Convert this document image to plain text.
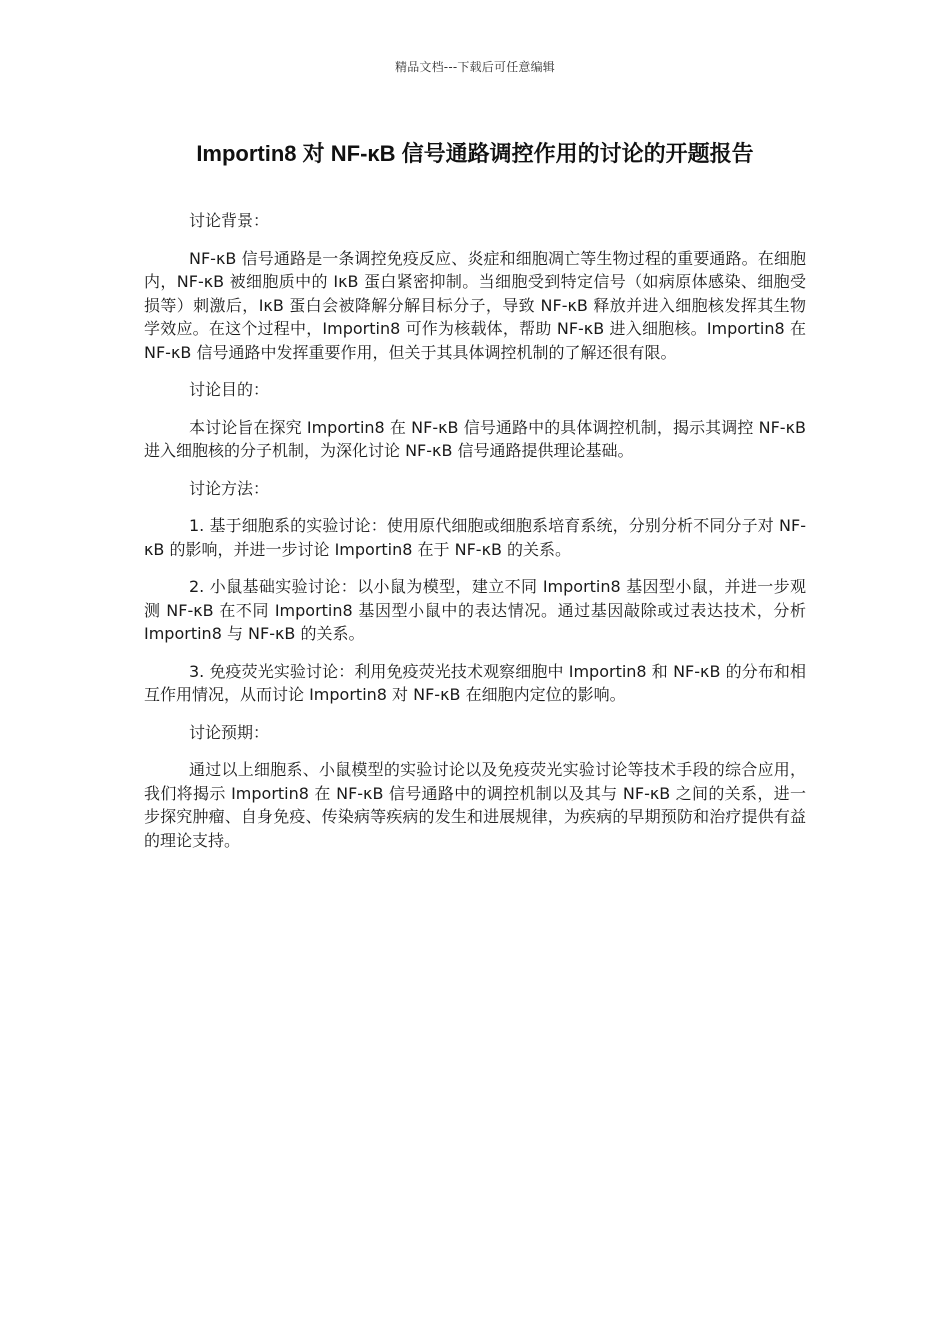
精品文档---下载后可任意编辑
Importin8 对 NF-κB 信号通路调控作用的讨论的开题报告

讨论背景：

NF-κB 信号通路是一条调控免疫反应、炎症和细胞凋亡等生物过程的重要通路。在细胞内，NF-κB 被细胞质中的 IκB 蛋白紧密抑制。当细胞受到特定信号（如病原体感染、细胞受损等）刺激后，IκB 蛋白会被降解分解目标分子，导致 NF-κB 释放并进入细胞核发挥其生物学效应。在这个过程中，Importin8 可作为核载体，帮助 NF-κB 进入细胞核。Importin8 在 NF-κB 信号通路中发挥重要作用，但关于其具体调控机制的了解还很有限。

讨论目的：

本讨论旨在探究 Importin8 在 NF-κB 信号通路中的具体调控机制，揭示其调控 NF-κB 进入细胞核的分子机制，为深化讨论 NF-κB 信号通路提供理论基础。

讨论方法：

1. 基于细胞系的实验讨论：使用原代细胞或细胞系培育系统，分别分析不同分子对 NF-κB 的影响，并进一步讨论 Importin8 在于 NF-κB 的关系。

2. 小鼠基础实验讨论：以小鼠为模型，建立不同 Importin8 基因型小鼠，并进一步观测 NF-κB 在不同 Importin8 基因型小鼠中的表达情况。通过基因敲除或过表达技术，分析 Importin8 与 NF-κB 的关系。

3. 免疫荧光实验讨论：利用免疫荧光技术观察细胞中 Importin8 和 NF-κB 的分布和相互作用情况，从而讨论 Importin8 对 NF-κB 在细胞内定位的影响。

讨论预期：

通过以上细胞系、小鼠模型的实验讨论以及免疫荧光实验讨论等技术手段的综合应用，我们将揭示 Importin8 在 NF-κB 信号通路中的调控机制以及其与 NF-κB 之间的关系，进一步探究肿瘤、自身免疫、传染病等疾病的发生和进展规律，为疾病的早期预防和治疗提供有益的理论支持。
